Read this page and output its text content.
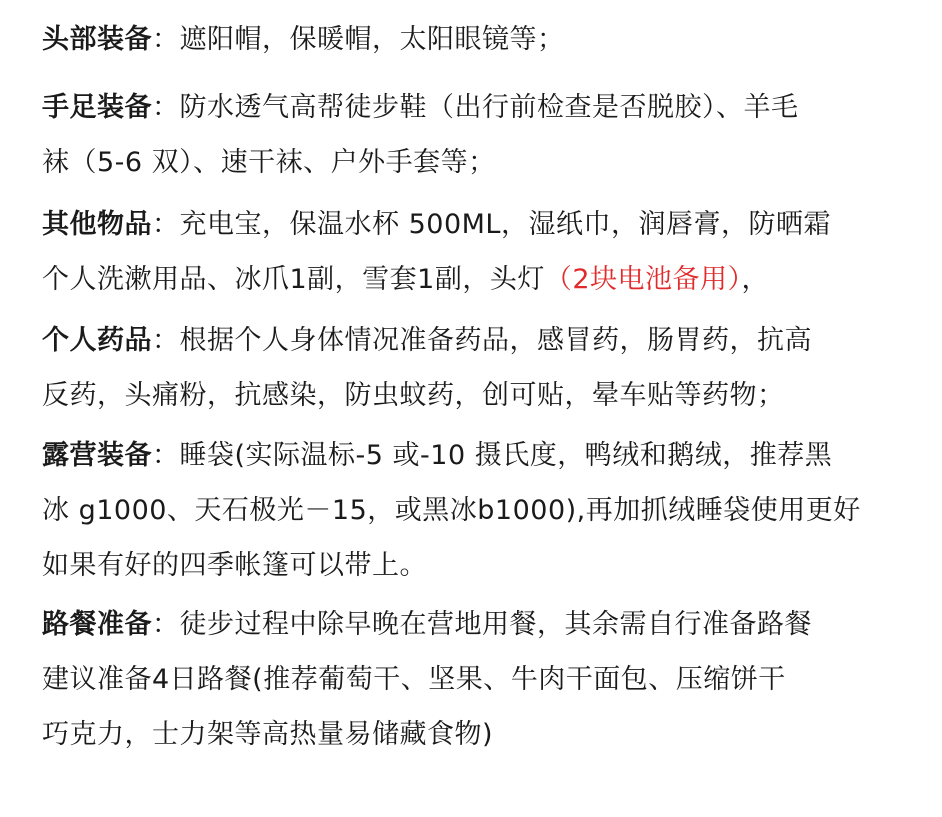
头部装备：遮阳帽，保暖帽，太阳眼镜等；
手足装备：防水透气高帮徒步鞋（出行前检查是否脱胶）、羊毛
袜（5-6 双）、速干袜、户外手套等；
其他物品：充电宝，保温水杯 500ML，湿纸巾，润唇膏，防晒霜
个人洗漱用品、冰爪1副，雪套1副，头灯（2块电池备用），
个人药品：根据个人身体情况准备药品，感冒药，肠胃药，抗高
反药，头痛粉，抗感染，防虫蚊药，创可贴，晕车贴等药物；
露营装备：睡袋(实际温标-5 或-10 摄氏度，鸭绒和鹅绒，推荐黑
冰 g1000、天石极光－15，或黑冰b1000),再加抓绒睡袋使用更好
如果有好的四季帐篷可以带上。
路餐准备：徒步过程中除早晚在营地用餐，其余需自行准备路餐
建议准备4日路餐(推荐葡萄干、坚果、牛肉干面包、压缩饼干
巧克力，士力架等高热量易储藏食物)
